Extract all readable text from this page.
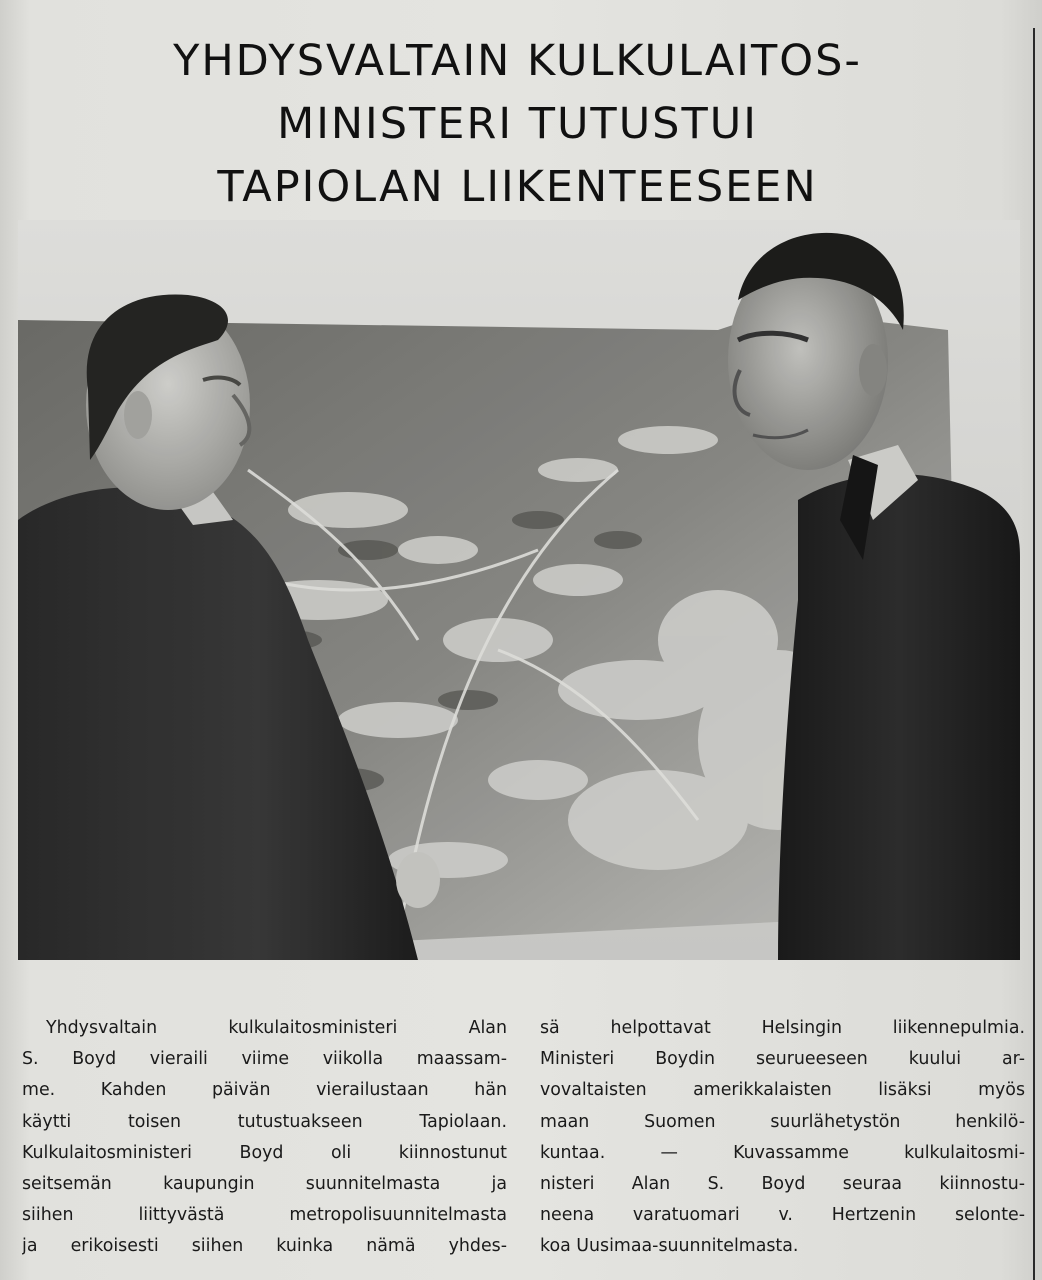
YHDYSVALTAIN KULKULAITOS-
MINISTERI TUTUSTUI
TAPIOLAN LIIKENTEESEEN

Yhdysvaltain kulkulaitosministeri Alan
S. Boyd vieraili viime viikolla maassam-
me. Kahden päivän vierailustaan hän
käytti toisen tutustuakseen Tapiolaan.
Kulkulaitosministeri Boyd oli kiinnostunut
seitsemän kaupungin suunnitelmasta ja
siihen liittyvästä metropolisuunnitelmasta
ja erikoisesti siihen kuinka nämä yhdes-

sä helpottavat Helsingin liikennepulmia.
Ministeri Boydin seurueeseen kuului ar-
vovaltaisten amerikkalaisten lisäksi myös
maan Suomen suurlähetystön henkilö-
kuntaa. — Kuvassamme kulkulaitosmi-
nisteri Alan S. Boyd seuraa kiinnostu-
neena varatuomari v. Hertzenin selonte-
koa Uusimaa-suunnitelmasta.
